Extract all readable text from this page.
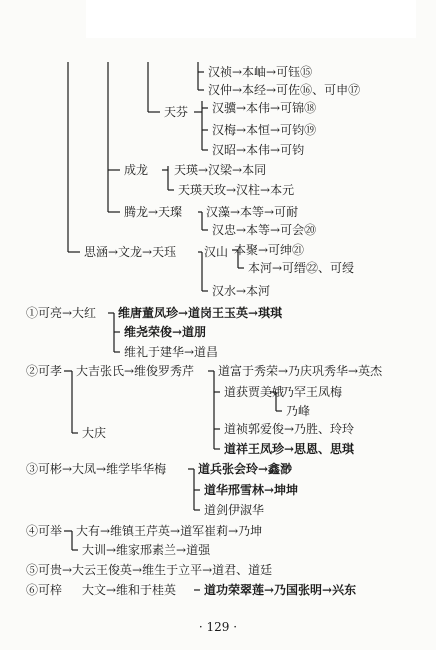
汉祯→本岫→可钰⑮
汉仲→本经→可佐⑯、可申⑰
天芬 汉骥→本伟→可锦⑱
汉梅→本恒→可钧⑲
汉昭→本伟→可钧
成龙 天瑛→汉梁→本同
天瑛天玫→汉柱→本元
腾龙→天璨 汉藻→本等→可耐
汉忠→本等→可会⑳
思涵→文龙→天珏 汉山 本聚→可绅㉑
本河→可缙㉒、可绶
汉水→本河
①可亮→大红 维唐董凤珍→道岗王玉英→琪琪
维尧荣俊→道朋
维礼于建华→道昌
②可孝 大吉张氏→维俊罗秀芹 道富于秀荣→乃庆巩秀华→英杰
道获贾美娥
乃罕王凤梅
乃峰
大庆	道祯郭爱俊→乃胜、玲玲
道祥王凤珍→思恩、思琪
③可彬→大凤→维学毕华梅	道兵张会玲→鑫渺
道华邢雪林→坤坤
道剑伊淑华
④可举 大有→维镇王芹英→道军崔莉→乃坤
大训→维家邢素兰→道强
⑤可贵→大云王俊英→维生于立平→道君、道廷
⑥可梓 大文→维和于桂英 道功荣翠莲→乃国张明→兴东
· 129 ·
